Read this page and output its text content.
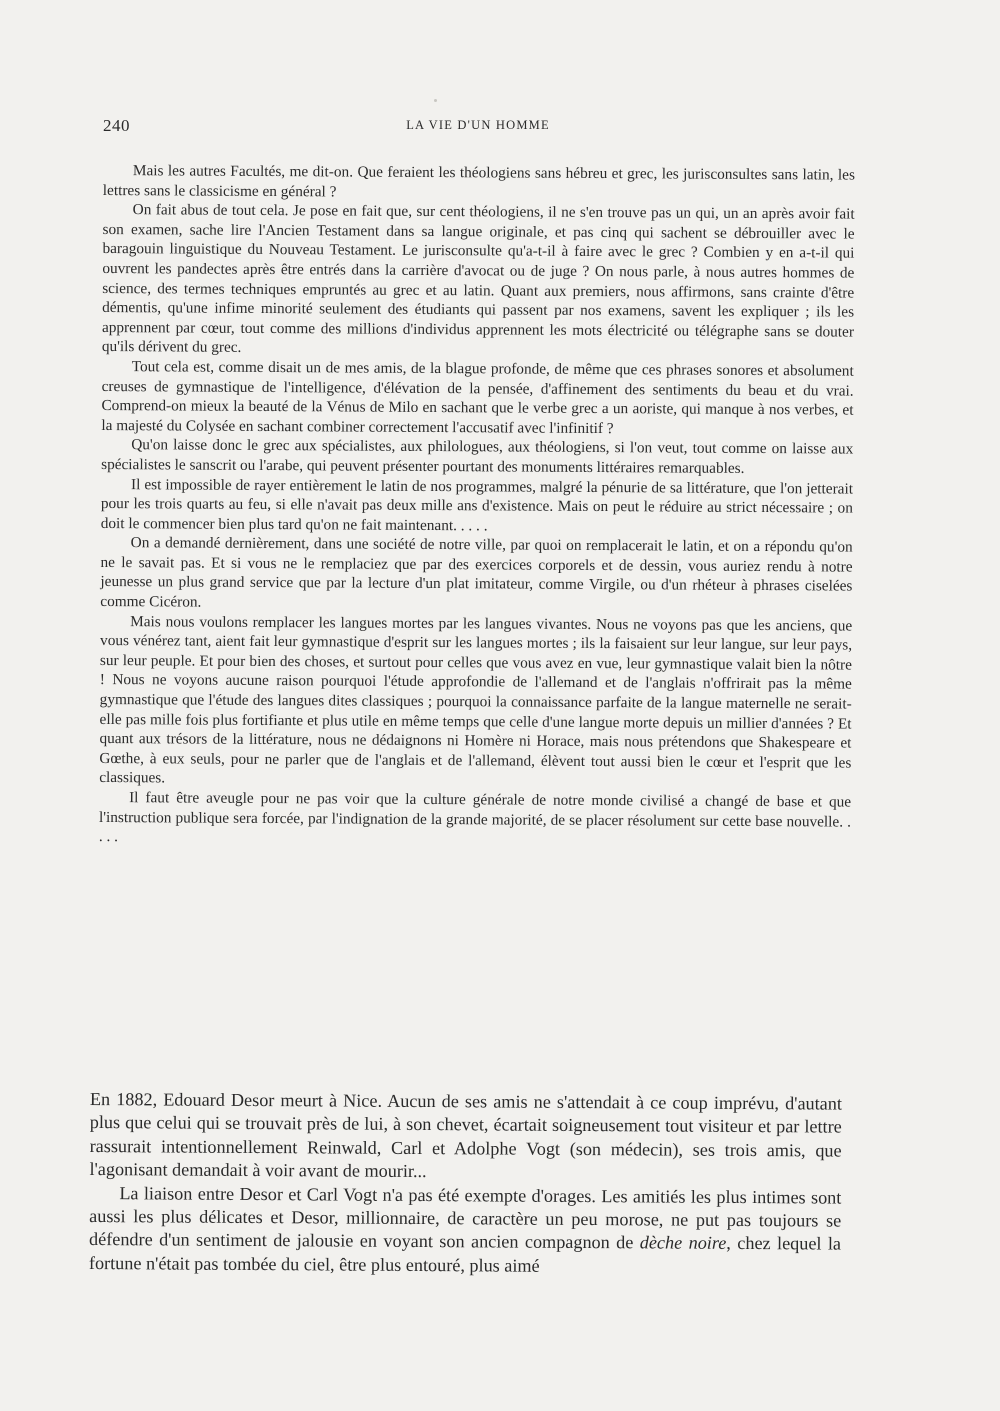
240	LA VIE D'UN HOMME

Mais les autres Facultés, me dit-on. Que feraient les théologiens sans hébreu et grec, les jurisconsultes sans latin, les lettres sans le classicisme en général ?

On fait abus de tout cela. Je pose en fait que, sur cent théologiens, il ne s'en trouve pas un qui, un an après avoir fait son examen, sache lire l'Ancien Testament dans sa langue originale, et pas cinq qui sachent se débrouiller avec le baragouin linguistique du Nouveau Testament. Le jurisconsulte qu'a-t-il à faire avec le grec ? Combien y en a-t-il qui ouvrent les pandectes après être entrés dans la carrière d'avocat ou de juge ? On nous parle, à nous autres hommes de science, des termes techniques empruntés au grec et au latin. Quant aux premiers, nous affirmons, sans crainte d'être démentis, qu'une infime minorité seulement des étudiants qui passent par nos examens, savent les expliquer ; ils les apprennent par cœur, tout comme des millions d'individus apprennent les mots électricité ou télégraphe sans se douter qu'ils dérivent du grec.

Tout cela est, comme disait un de mes amis, de la blague profonde, de même que ces phrases sonores et absolument creuses de gymnastique de l'intelligence, d'élévation de la pensée, d'affinement des sentiments du beau et du vrai. Comprend-on mieux la beauté de la Vénus de Milo en sachant que le verbe grec a un aoriste, qui manque à nos verbes, et la majesté du Colysée en sachant combiner correctement l'accusatif avec l'infinitif ?

Qu'on laisse donc le grec aux spécialistes, aux philologues, aux théologiens, si l'on veut, tout comme on laisse aux spécialistes le sanscrit ou l'arabe, qui peuvent présenter pourtant des monuments littéraires remarquables.

Il est impossible de rayer entièrement le latin de nos programmes, malgré la pénurie de sa littérature, que l'on jetterait pour les trois quarts au feu, si elle n'avait pas deux mille ans d'existence. Mais on peut le réduire au strict nécessaire ; on doit le commencer bien plus tard qu'on ne fait maintenant. . . . .

On a demandé dernièrement, dans une société de notre ville, par quoi on remplacerait le latin, et on a répondu qu'on ne le savait pas. Et si vous ne le remplaciez que par des exercices corporels et de dessin, vous auriez rendu à notre jeunesse un plus grand service que par la lecture d'un plat imitateur, comme Virgile, ou d'un rhéteur à phrases ciselées comme Cicéron.

Mais nous voulons remplacer les langues mortes par les langues vivantes. Nous ne voyons pas que les anciens, que vous vénérez tant, aient fait leur gymnastique d'esprit sur les langues mortes ; ils la faisaient sur leur langue, sur leur pays, sur leur peuple. Et pour bien des choses, et surtout pour celles que vous avez en vue, leur gymnastique valait bien la nôtre ! Nous ne voyons aucune raison pourquoi l'étude approfondie de l'allemand et de l'anglais n'offrirait pas la même gymnastique que l'étude des langues dites classiques ; pourquoi la connaissance parfaite de la langue maternelle ne serait-elle pas mille fois plus fortifiante et plus utile en même temps que celle d'une langue morte depuis un millier d'années ? Et quant aux trésors de la littérature, nous ne dédaignons ni Homère ni Horace, mais nous prétendons que Shakespeare et Gœthe, à eux seuls, pour ne parler que de l'anglais et de l'allemand, élèvent tout aussi bien le cœur et l'esprit que les classiques.

Il faut être aveugle pour ne pas voir que la culture générale de notre monde civilisé a changé de base et que l'instruction publique sera forcée, par l'indignation de la grande majorité, de se placer résolument sur cette base nouvelle. . . . .

En 1882, Edouard Desor meurt à Nice. Aucun de ses amis ne s'attendait à ce coup imprévu, d'autant plus que celui qui se trouvait près de lui, à son chevet, écartait soigneusement tout visiteur et par lettre rassurait intentionnellement Reinwald, Carl et Adolphe Vogt (son médecin), ses trois amis, que l'agonisant demandait à voir avant de mourir...

La liaison entre Desor et Carl Vogt n'a pas été exempte d'orages. Les amitiés les plus intimes sont aussi les plus délicates et Desor, millionnaire, de caractère un peu morose, ne put pas toujours se défendre d'un sentiment de jalousie en voyant son ancien compagnon de dèche noire, chez lequel la fortune n'était pas tombée du ciel, être plus entouré, plus aimé
